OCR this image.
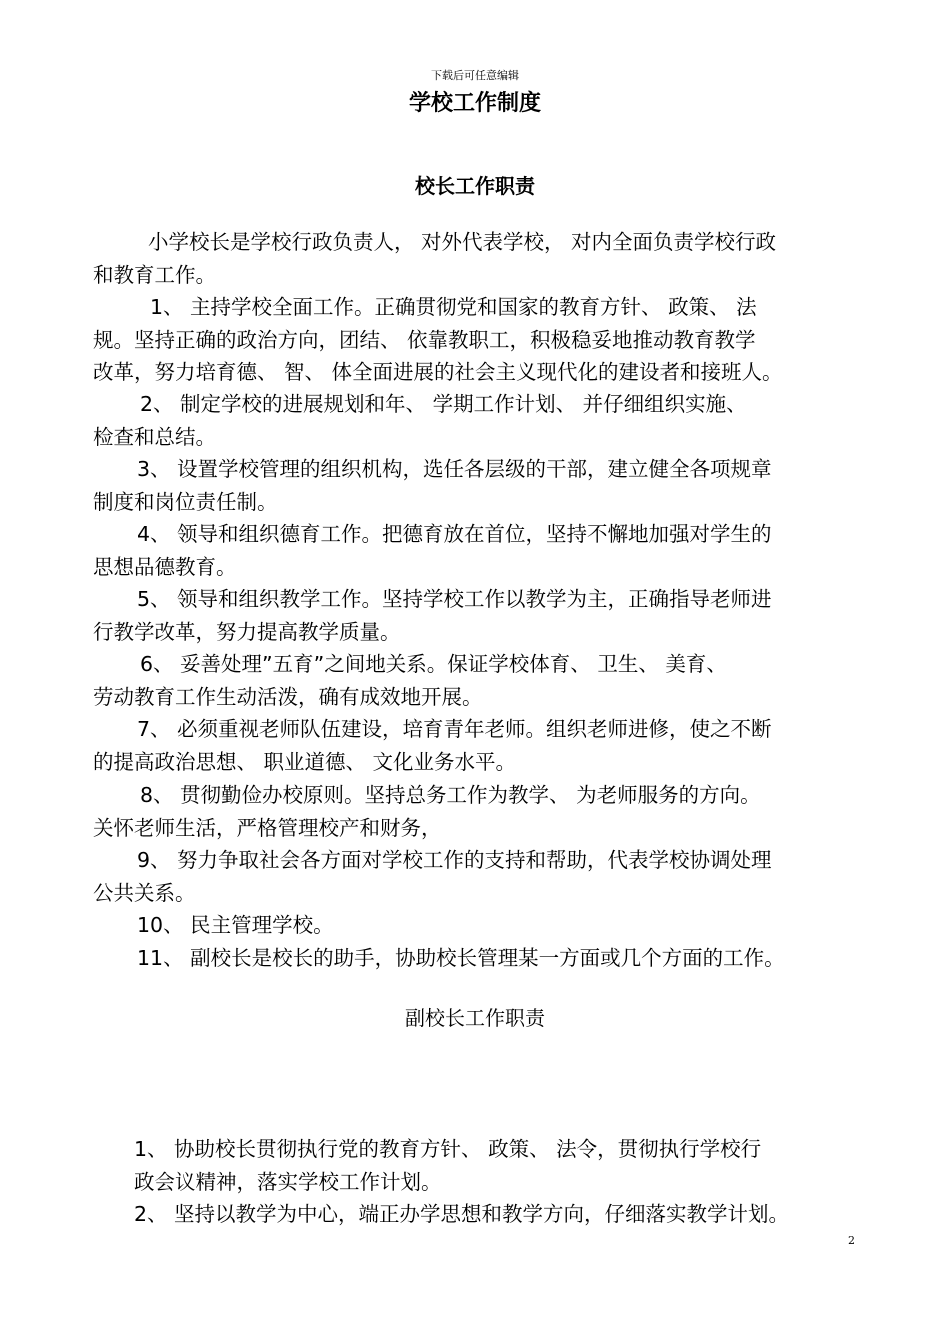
下载后可任意编辑
学校工作制度
校长工作职责
小学校长是学校行政负责人， 对外代表学校， 对内全面负责学校行政
和教育工作。
1、 主持学校全面工作。正确贯彻党和国家的教育方针、 政策、 法
规。坚持正确的政治方向，团结、 依靠教职工，积极稳妥地推动教育教学
改革，努力培育德、 智、 体全面进展的社会主义现代化的建设者和接班人。
2、 制定学校的进展规划和年、 学期工作计划、 并仔细组织实施、
检查和总结。
3、 设置学校管理的组织机构，选任各层级的干部，建立健全各项规章
制度和岗位责任制。
4、 领导和组织德育工作。把德育放在首位，坚持不懈地加强对学生的
思想品德教育。
5、 领导和组织教学工作。坚持学校工作以教学为主，正确指导老师进
行教学改革，努力提高教学质量。
6、 妥善处理”五育”之间地关系。保证学校体育、 卫生、 美育、
劳动教育工作生动活泼，确有成效地开展。
7、 必须重视老师队伍建设，培育青年老师。组织老师进修，使之不断
的提高政治思想、 职业道德、 文化业务水平。
8、 贯彻勤俭办校原则。坚持总务工作为教学、 为老师服务的方向。
关怀老师生活，严格管理校产和财务，
9、 努力争取社会各方面对学校工作的支持和帮助，代表学校协调处理
公共关系。
10、 民主管理学校。
11、 副校长是校长的助手，协助校长管理某一方面或几个方面的工作。
副校长工作职责
1、 协助校长贯彻执行党的教育方针、 政策、 法令，贯彻执行学校行
政会议精神，落实学校工作计划。
2、 坚持以教学为中心，端正办学思想和教学方向，仔细落实教学计划。
2
